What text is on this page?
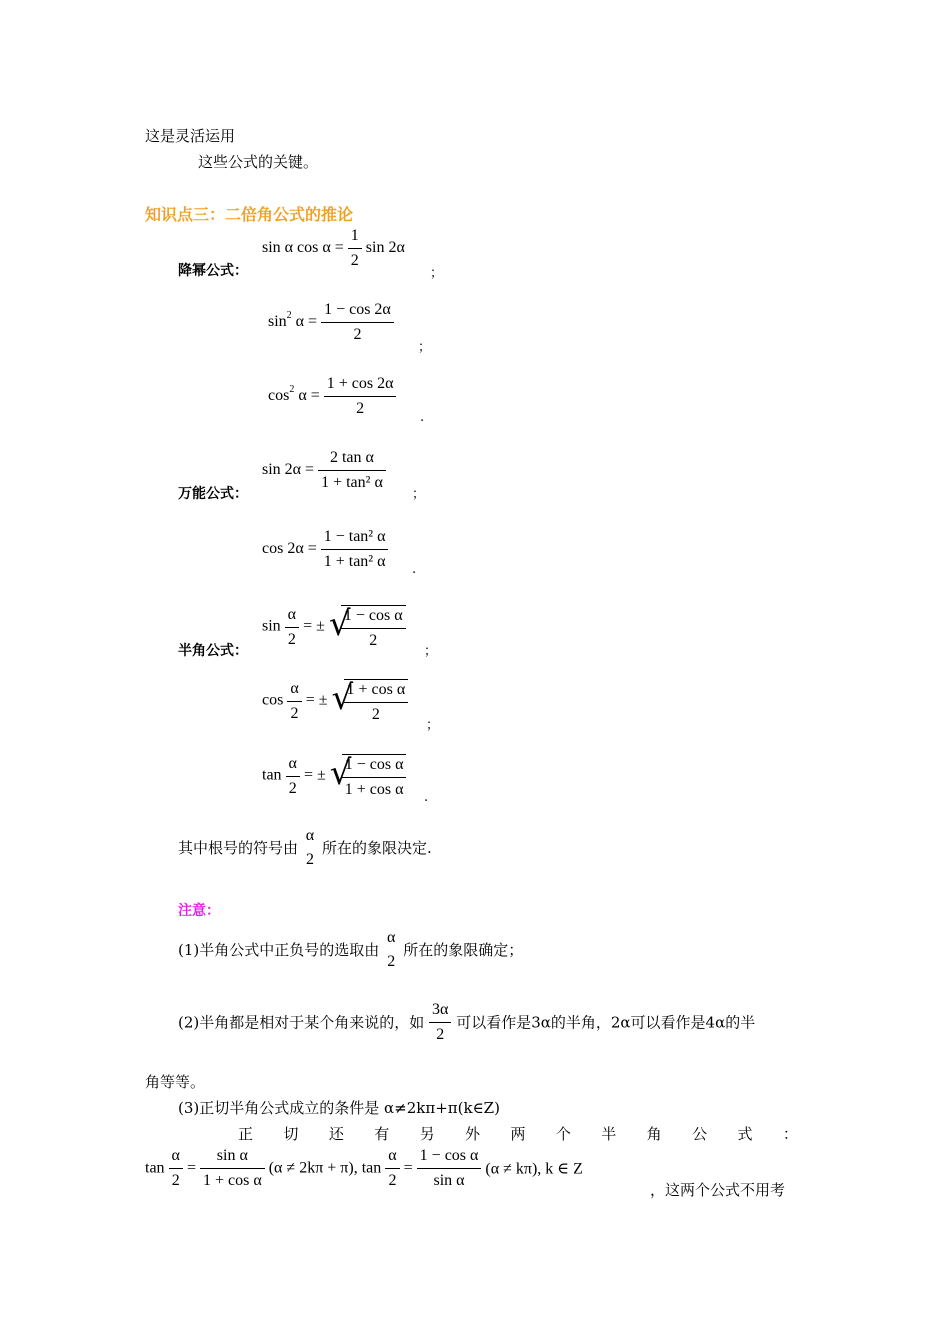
这是灵活运用
这些公式的关键。
知识点三：二倍角公式的推论
降幂公式：
sin α $\cos \alpha = \frac{1}{2}$ sin 2α
；
$\sin^2 \alpha = \frac{1 - \cos 2\alpha}{2}$
；
$\cos^2 \alpha = \frac{1 + \cos 2\alpha}{2}$ .
万能公式：
$\sin 2\alpha = \frac{\text{2 tan α}}{\text{1 + tan² α}}$
；
$\cos 2\alpha = \frac{\text{1 − tan² α}}{\text{1 + tan² α}}$ .
半角公式：
$\sin \frac{\alpha}{2}$ = ± √
$\frac{\text{1 − cos α}}{2}$
；
$\cos \frac{\alpha}{2}$ = ± √
$\frac{\text{1 + cos α}}{2}$
；
$\tan \frac{\alpha}{2}$ = ± √
$\frac{\text{1 − cos α}}{\text{1 + cos α}}$ .
其中根号的符号由
α
2
所在的象限决定.
注意：
(1)半角公式中正负号的选取由
α
2
所在的象限确定；
(2)半角都是相对于某个角来说的，如 $\frac{3\alpha}{2}$ 可以看作是3α的半角，2α可以看作是4α的半
角等等。
(3)正切半角公式成立的条件是 α≠2kπ+π(k∈Z)
正 切 还 有 另 外 两 个 半 角 公 式 ：
$\tan \frac{\alpha}{2} = \frac{\text{sin α}}{\text{1 + cos α}} (\alpha \ne 2k\pi + \pi)$, $\tan \frac{\alpha}{2} = \frac{\text{1 − cos α}}{\text{sin α}} (\alpha \ne k\pi)$, k ∈ Z
，这两个公式不用考
